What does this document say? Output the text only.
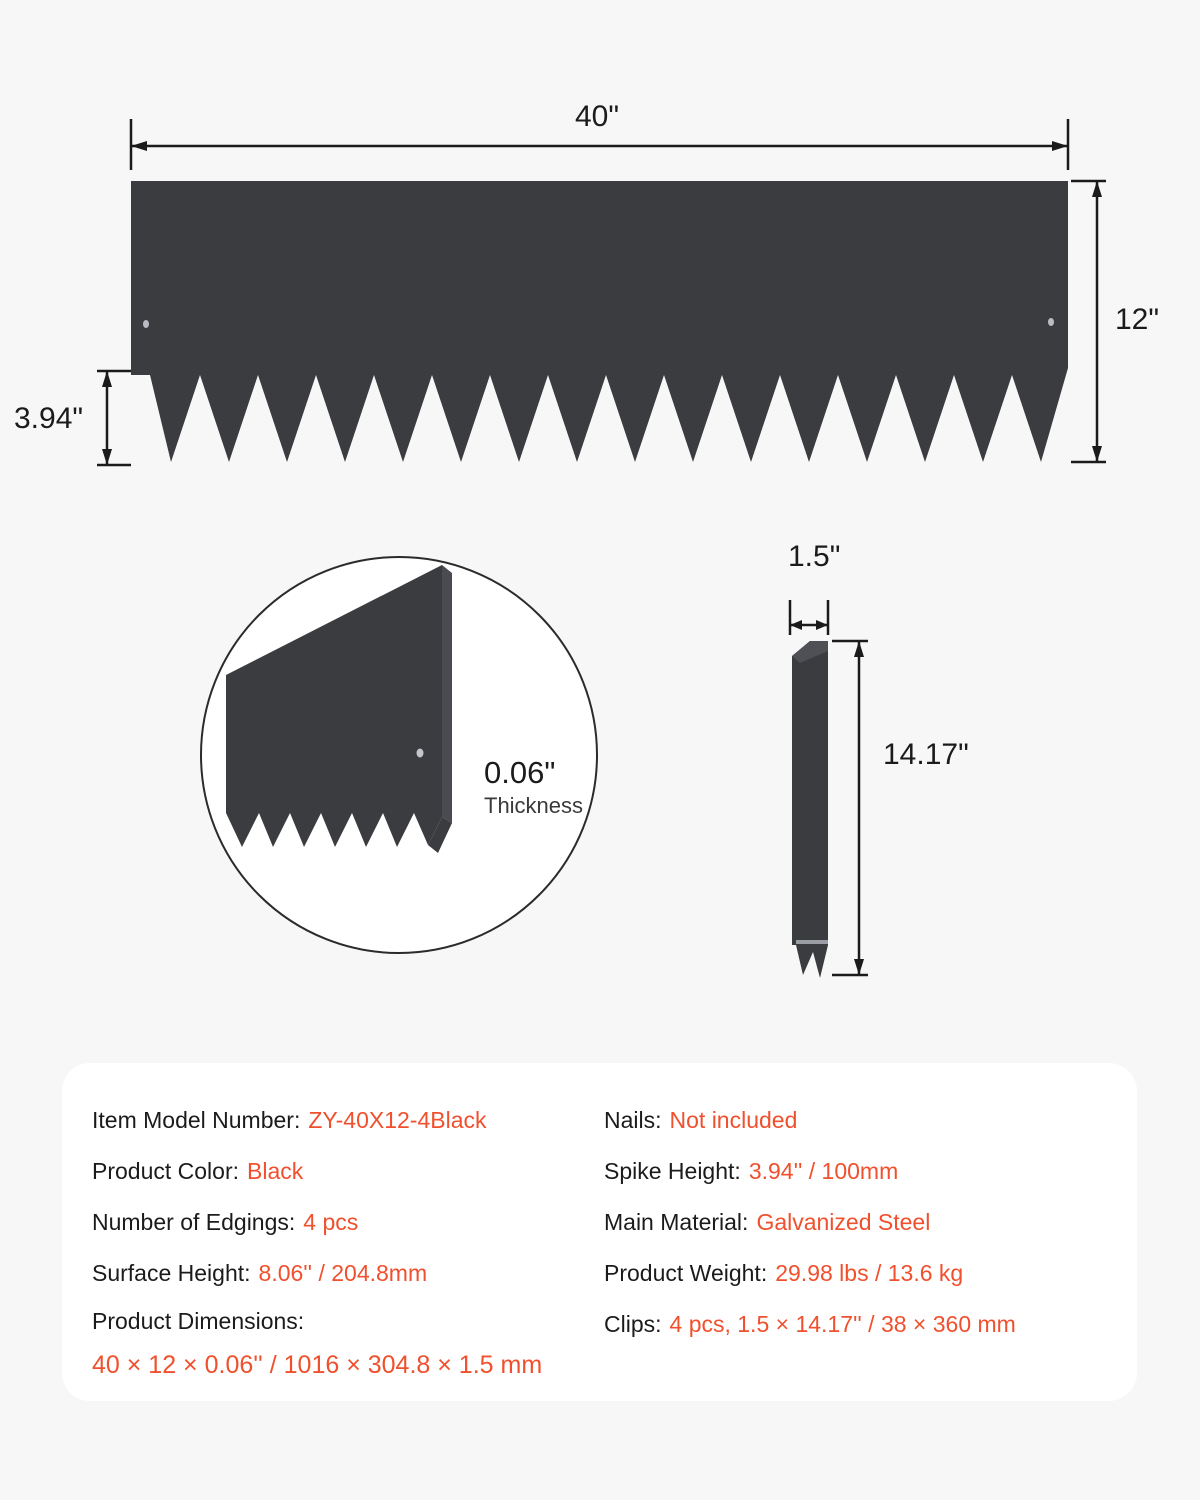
40"
12"
3.94"
0.06"
Thickness
1.5"
14.17"
Item Model Number: ZY-40X12-4Black	Nails: Not included
Product Color: Black	Spike Height: 3.94'' / 100mm
Number of Edgings: 4 pcs	Main Material: Galvanized Steel
Surface Height: 8.06'' / 204.8mm	Product Weight: 29.98 lbs / 13.6 kg
Product Dimensions:
40 × 12 × 0.06'' / 1016 × 304.8 × 1.5 mm
Clips: 4 pcs, 1.5 × 14.17'' / 38 × 360 mm
